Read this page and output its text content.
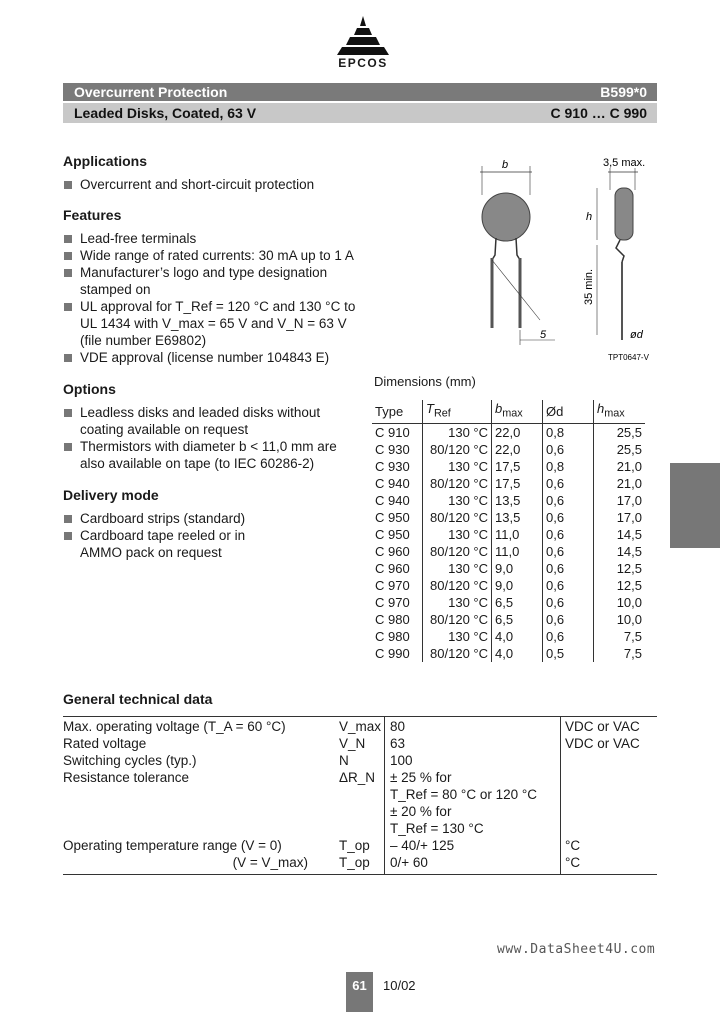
EPCOS
Overcurrent Protection	B599*0
Leaded Disks, Coated, 63 V	C 910 … C 990
Applications
Overcurrent and short-circuit protection
Features
Lead-free terminals
Wide range of rated currents: 30 mA up to 1 A
Manufacturer’s logo and type designation stamped on
UL approval for T_Ref = 120 °C and 130 °C to UL 1434 with V_max = 65 V and V_N = 63 V (file number E69802)
VDE approval (license number 104843 E)
Options
Leadless disks and leaded disks without coating available on request
Thermistors with diameter b < 11,0 mm are also available on tape (to IEC 60286-2)
Delivery mode
Cardboard strips (standard)
Cardboard tape reeled or in AMMO pack on request
b
5
3,5 max.
h
35 min.
ød
TPT0647-V
Dimensions (mm)
Type	$T_{Ref}$	$b_{max}$	Ød	$h_{max}$
C 910	130 °C	22,0	0,8	25,5
C 930	80/120 °C	22,0	0,6	25,5
C 930	130 °C	17,5	0,8	21,0
C 940	80/120 °C	17,5	0,6	21,0
C 940	130 °C	13,5	0,6	17,0
C 950	80/120 °C	13,5	0,6	17,0
C 950	130 °C	11,0	0,6	14,5
C 960	80/120 °C	11,0	0,6	14,5
C 960	130 °C	9,0	0,6	12,5
C 970	80/120 °C	9,0	0,6	12,5
C 970	130 °C	6,5	0,6	10,0
C 980	80/120 °C	6,5	0,6	10,0
C 980	130 °C	4,0	0,6	7,5
C 990	80/120 °C	4,0	0,5	7,5
General technical data
Max. operating voltage (T_A = 60 °C)	V_max 80	VDC or VAC
Rated voltage	V_N	63	VDC or VAC
Switching cycles (typ.)	N	100
Resistance tolerance	ΔR_N	± 25 % for
T_Ref = 80 °C or 120 °C
± 20 % for
T_Ref = 130 °C
Operating temperature range (V = 0)	T_op	– 40/+ 125	°C
(V = V_max) T_op	0/+ 60	°C
www.DataSheet4U.com
61	10/02
